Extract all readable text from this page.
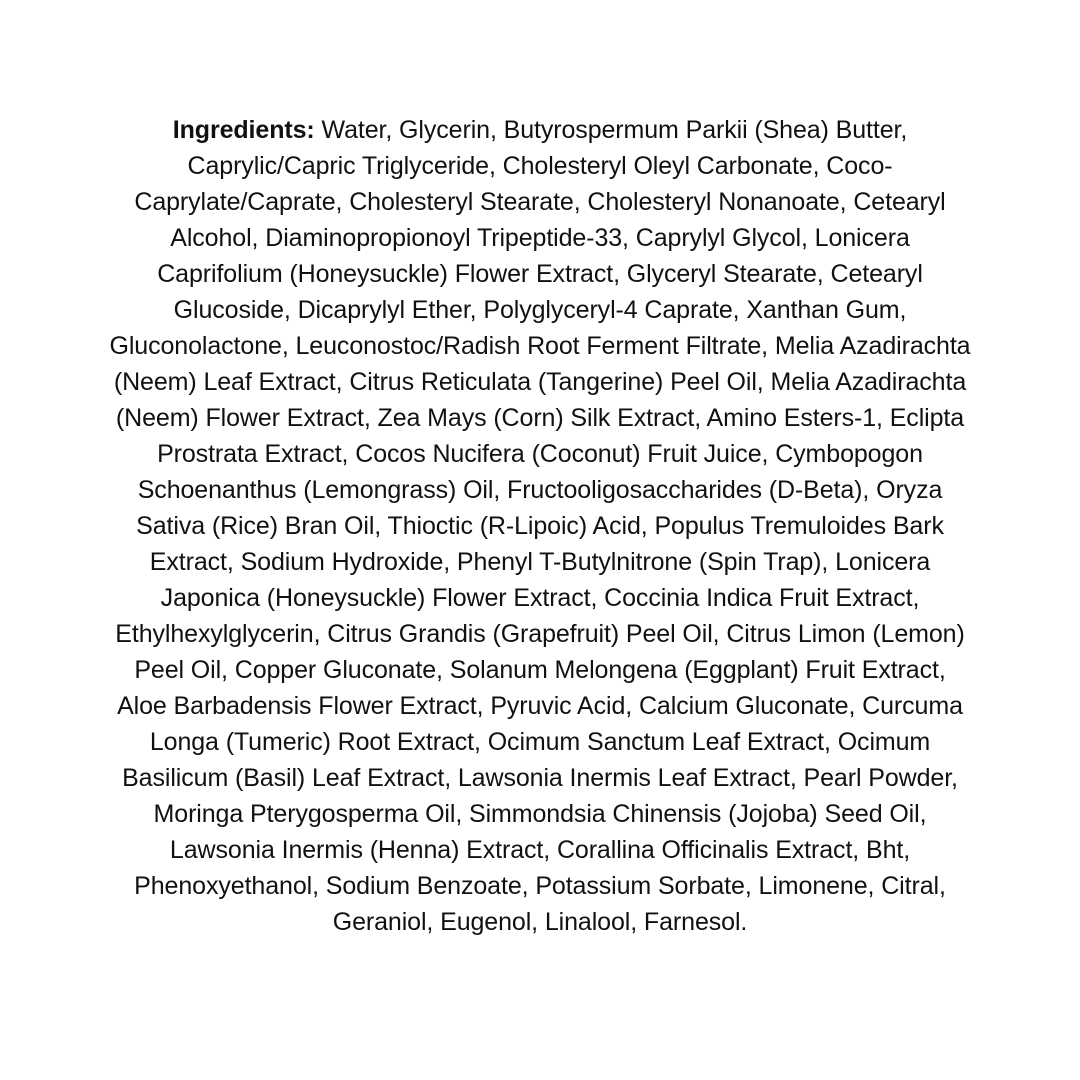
Ingredients: Water, Glycerin, Butyrospermum Parkii (Shea) Butter, Caprylic/Capric Triglyceride, Cholesteryl Oleyl Carbonate, Coco-Caprylate/Caprate, Cholesteryl Stearate, Cholesteryl Nonanoate, Cetearyl Alcohol, Diaminopropionoyl Tripeptide-33, Caprylyl Glycol, Lonicera Caprifolium (Honeysuckle) Flower Extract, Glyceryl Stearate, Cetearyl Glucoside, Dicaprylyl Ether, Polyglyceryl-4 Caprate, Xanthan Gum, Gluconolactone, Leuconostoc/Radish Root Ferment Filtrate, Melia Azadirachta (Neem) Leaf Extract, Citrus Reticulata (Tangerine) Peel Oil, Melia Azadirachta (Neem) Flower Extract, Zea Mays (Corn) Silk Extract, Amino Esters-1, Eclipta Prostrata Extract, Cocos Nucifera (Coconut) Fruit Juice, Cymbopogon Schoenanthus (Lemongrass) Oil, Fructooligosaccharides (D-Beta), Oryza Sativa (Rice) Bran Oil, Thioctic (R-Lipoic) Acid, Populus Tremuloides Bark Extract, Sodium Hydroxide, Phenyl T-Butylnitrone (Spin Trap), Lonicera Japonica (Honeysuckle) Flower Extract, Coccinia Indica Fruit Extract, Ethylhexylglycerin, Citrus Grandis (Grapefruit) Peel Oil, Citrus Limon (Lemon) Peel Oil, Copper Gluconate, Solanum Melongena (Eggplant) Fruit Extract, Aloe Barbadensis Flower Extract, Pyruvic Acid, Calcium Gluconate, Curcuma Longa (Tumeric) Root Extract, Ocimum Sanctum Leaf Extract, Ocimum Basilicum (Basil) Leaf Extract, Lawsonia Inermis Leaf Extract, Pearl Powder, Moringa Pterygosperma Oil, Simmondsia Chinensis (Jojoba) Seed Oil, Lawsonia Inermis (Henna) Extract, Corallina Officinalis Extract, Bht, Phenoxyethanol, Sodium Benzoate, Potassium Sorbate, Limonene, Citral, Geraniol, Eugenol, Linalool, Farnesol.
